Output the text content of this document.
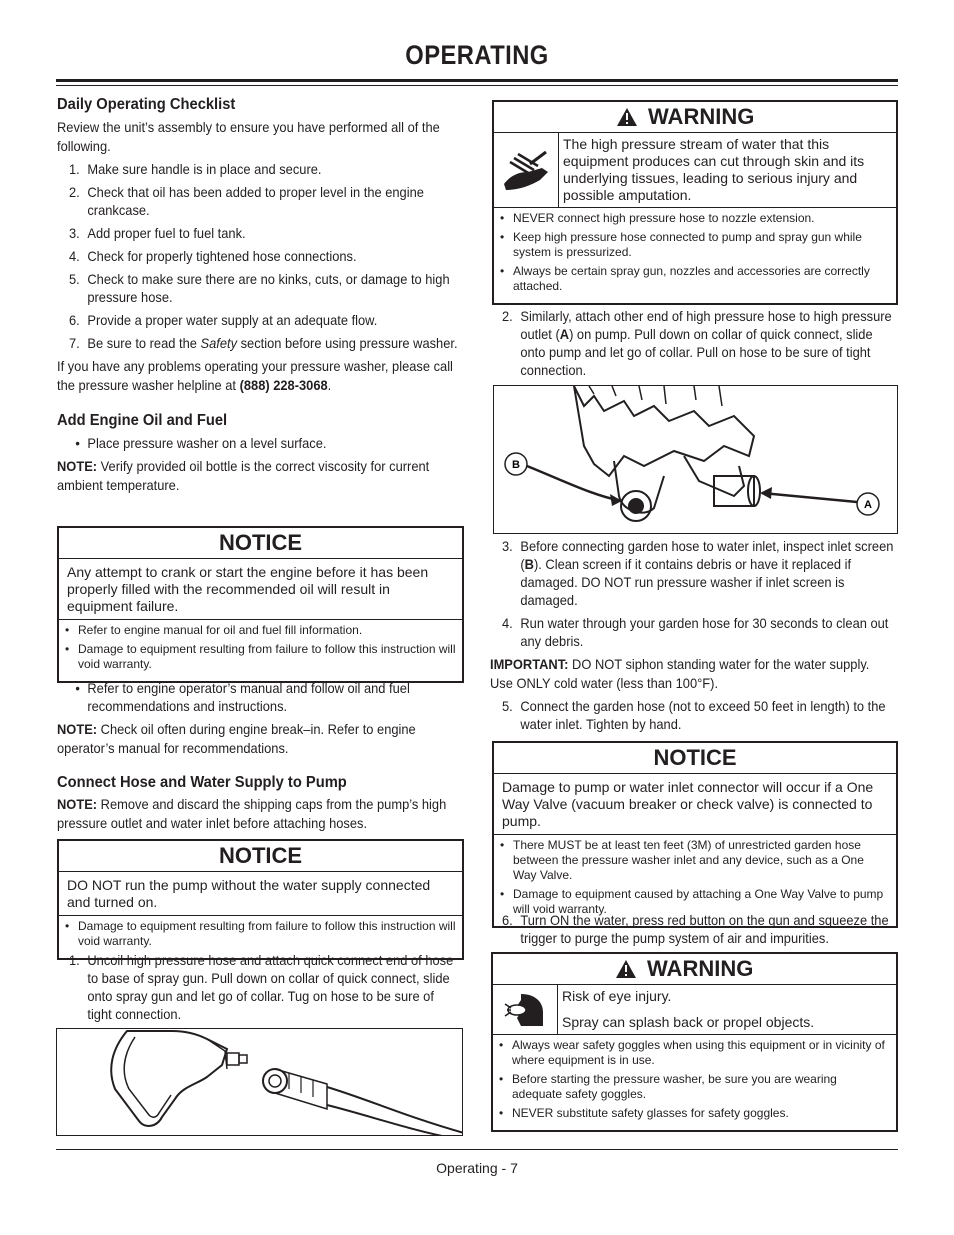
OPERATING
Daily Operating Checklist

Review the unit’s assembly to ensure you have performed all of the following.

1. Make sure handle is in place and secure.
2. Check that oil has been added to proper level in the engine crankcase.
3. Add proper fuel to fuel tank.
4. Check for properly tightened hose connections.
5. Check to make sure there are no kinks, cuts, or damage to high pressure hose.
6. Provide a proper water supply at an adequate flow.
7. Be sure to read the Safety section before using pressure washer.

If you have any problems operating your pressure washer, please call the pressure washer helpline at (888) 228-3068.

Add Engine Oil and Fuel
• Place pressure washer on a level surface.

NOTE: Verify provided oil bottle is the correct viscosity for current ambient temperature.

NOTICE
Any attempt to crank or start the engine before it has been properly filled with the recommended oil will result in equipment failure.
• Refer to engine manual for oil and fuel fill information.
• Damage to equipment resulting from failure to follow this instruction will void warranty.
• Refer to engine operator’s manual and follow oil and fuel recommendations and instructions.

NOTE: Check oil often during engine break–in. Refer to engine operator’s manual for recommendations.

Connect Hose and Water Supply to Pump

NOTE: Remove and discard the shipping caps from the pump’s high pressure outlet and water inlet before attaching hoses.

NOTICE
DO NOT run the pump without the water supply connected and turned on.
• Damage to equipment resulting from failure to follow this instruction will void warranty.
1. Uncoil high pressure hose and attach quick connect end of hose to base of spray gun. Pull down on collar of quick connect, slide onto spray gun and let go of collar. Tug on hose to be sure of tight connection.
WARNING
The high pressure stream of water that this equipment produces can cut through skin and its underlying tissues, leading to serious injury and possible amputation.
• NEVER connect high pressure hose to nozzle extension.
• Keep high pressure hose connected to pump and spray gun while system is pressurized.
• Always be certain spray gun, nozzles and accessories are correctly attached.
2. Similarly, attach other end of high pressure hose to high pressure outlet (A) on pump. Pull down on collar of quick connect, slide onto pump and let go of collar. Pull on hose to be sure of tight connection.
B
A
3. Before connecting garden hose to water inlet, inspect inlet screen (B). Clean screen if it contains debris or have it replaced if damaged. DO NOT run pressure washer if inlet screen is damaged.
4. Run water through your garden hose for 30 seconds to clean out any debris.

IMPORTANT: DO NOT siphon standing water for the water supply. Use ONLY cold water (less than 100°F).

5. Connect the garden hose (not to exceed 50 feet in length) to the water inlet. Tighten by hand.
NOTICE
Damage to pump or water inlet connector will occur if a One Way Valve (vacuum breaker or check valve) is connected to pump.
• There MUST be at least ten feet (3M) of unrestricted garden hose between the pressure washer inlet and any device, such as a One Way Valve.
• Damage to equipment caused by attaching a One Way Valve to pump will void warranty.
6. Turn ON the water, press red button on the gun and squeeze the trigger to purge the pump system of air and impurities.
WARNING
Risk of eye injury.
Spray can splash back or propel objects.
• Always wear safety goggles when using this equipment or in vicinity of where equipment is in use.
• Before starting the pressure washer, be sure you are wearing adequate safety goggles.
• NEVER substitute safety glasses for safety goggles.
Operating - 7
